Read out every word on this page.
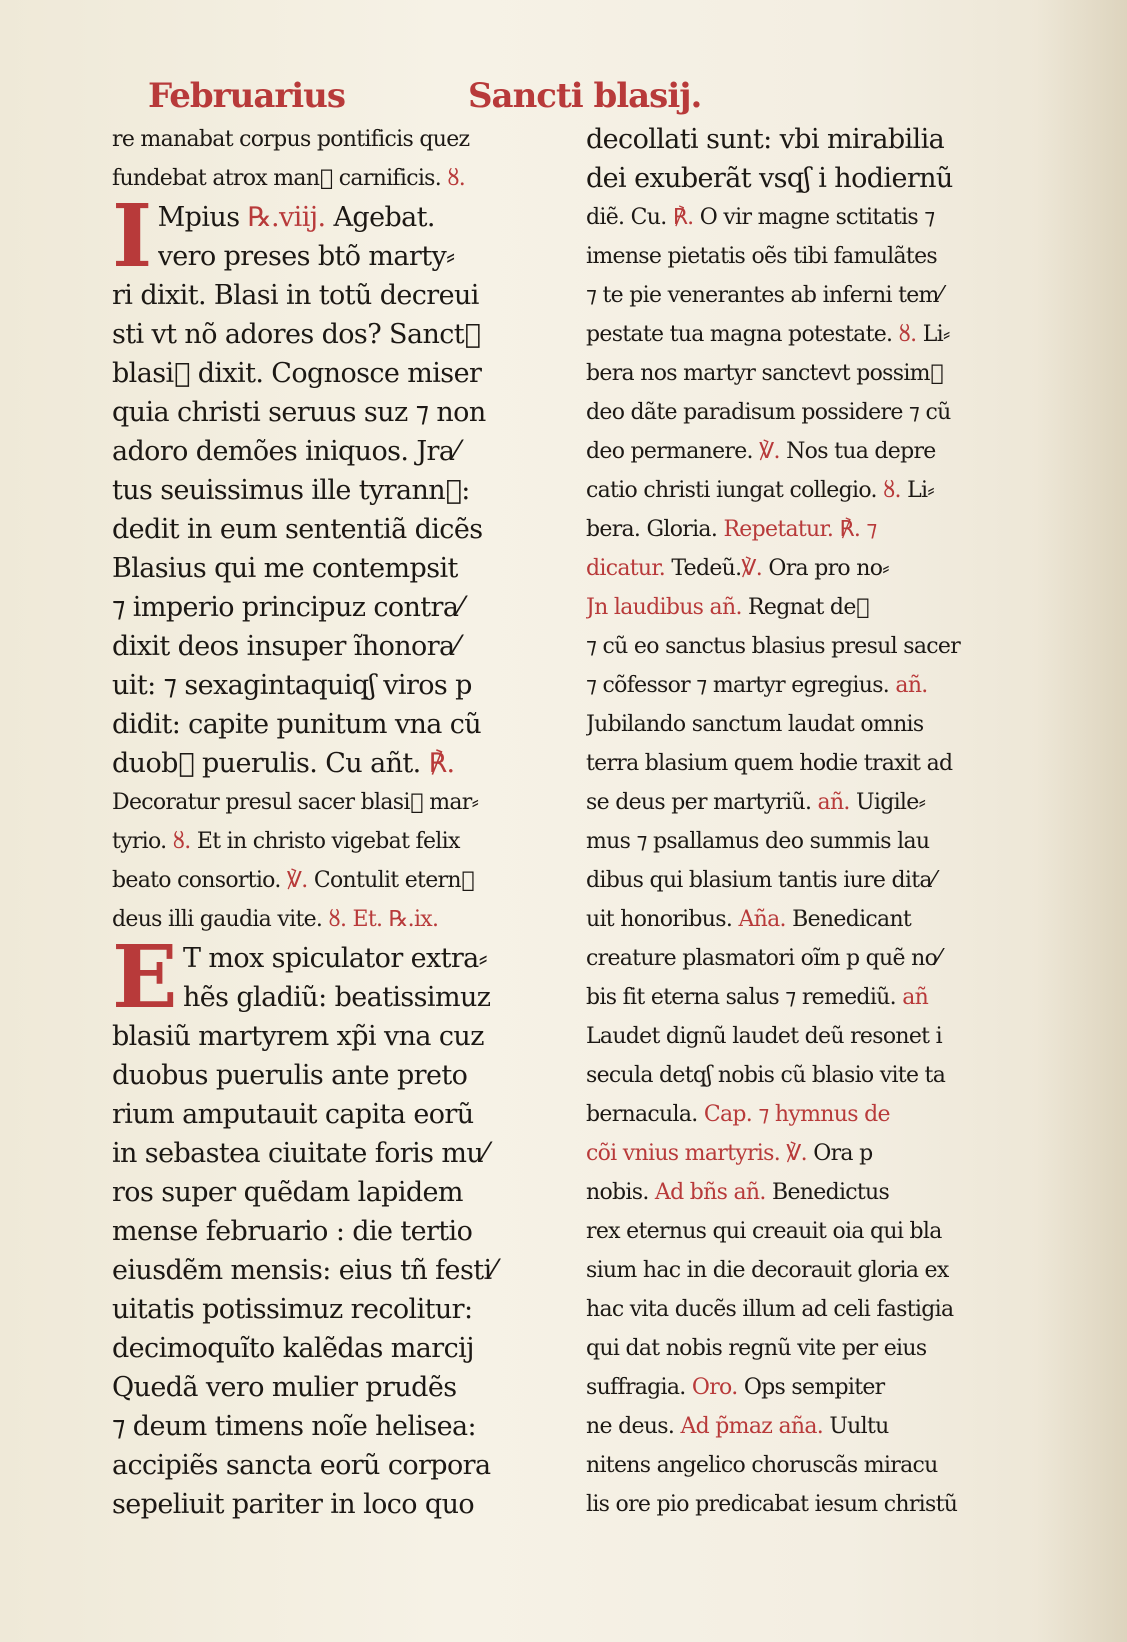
Februarius	Sancti blasij.
re manabat corpus pontificis quez
fundebat atrox man᷒ carnificis. ȣ.
I Mpius ℞.viij. Agebat.
vero preses btõ marty⸗
ri dixit. Blasi in totũ decreui
sti vt nõ adores dos? Sanct᷒
blasi᷒ dixit. Cognosce miser
quia christi seruus suz ⁊ non
adoro demões iniquos. Jra⁄
tus seuissimus ille tyrann᷒:
dedit in eum sententiã dicẽs
Blasius qui me contempsit
⁊ imperio principuz contra⁄
dixit deos insuper ĩhonora⁄
uit: ⁊ sexagintaquiqʃ viros p
didit: capite punitum vna cũ
duob᷒ puerulis. Cu añt. ℟.
Decoratur presul sacer blasi᷒ mar⸗
tyrio. ȣ. Et in christo vigebat felix
beato consortio. ℣. Contulit etern᷒
deus illi gaudia vite. ȣ. Et. ℞.ix.
E T mox spiculator extra⸗
hẽs gladiũ: beatissimuz
blasiũ martyrem xp̃i vna cuz
duobus puerulis ante preto
rium amputauit capita eorũ
in sebastea ciuitate foris mu⁄
ros super quẽdam lapidem
mense februario : die tertio
eiusdẽm mensis: eius tñ festi⁄
uitatis potissimuz recolitur:
decimoquĩto kalẽdas marcij
Quedã vero mulier prudẽs
⁊ deum timens noĩe helisea:
accipiẽs sancta eorũ corpora
sepeliuit pariter in loco quo
decollati sunt: vbi mirabilia
dei exuberãt vsqʃ i hodiernũ
diẽ. Cu. ℟. O vir magne sctitatis ⁊
imense pietatis oẽs tibi famulãtes
⁊ te pie venerantes ab inferni tem⁄
pestate tua magna potestate. ȣ. Li⸗
bera nos martyr sanctevt possim᷒
deo dãte paradisum possidere ⁊ cũ
deo permanere. ℣. Nos tua depre
catio christi iungat collegio. ȣ. Li⸗
bera. Gloria. Repetatur. ℟. ⁊
dicatur. Tedeũ.℣. Ora pro no⸗
Jn laudibus añ. Regnat de᷒
⁊ cũ eo sanctus blasius presul sacer
⁊ cõfessor ⁊ martyr egregius. añ.
Jubilando sanctum laudat omnis
terra blasium quem hodie traxit ad
se deus per martyriũ. añ. Uigile⸗
mus ⁊ psallamus deo summis lau
dibus qui blasium tantis iure dita⁄
uit honoribus. Aña. Benedicant
creature plasmatori oĩm p quẽ no⁄
bis fit eterna salus ⁊ remediũ. añ
Laudet dignũ laudet deũ resonet i
secula detqʃ nobis cũ blasio vite ta
bernacula. Cap. ⁊ hymnus de
cõi vnius martyris. ℣. Ora p
nobis. Ad bñs añ. Benedictus
rex eternus qui creauit oia qui bla
sium hac in die decorauit gloria ex
hac vita ducẽs illum ad celi fastigia
qui dat nobis regnũ vite per eius
suffragia. Oro. Ops sempiter
ne deus. Ad p̃maz aña. Uultu
nitens angelico choruscãs miracu
lis ore pio predicabat iesum christũ
